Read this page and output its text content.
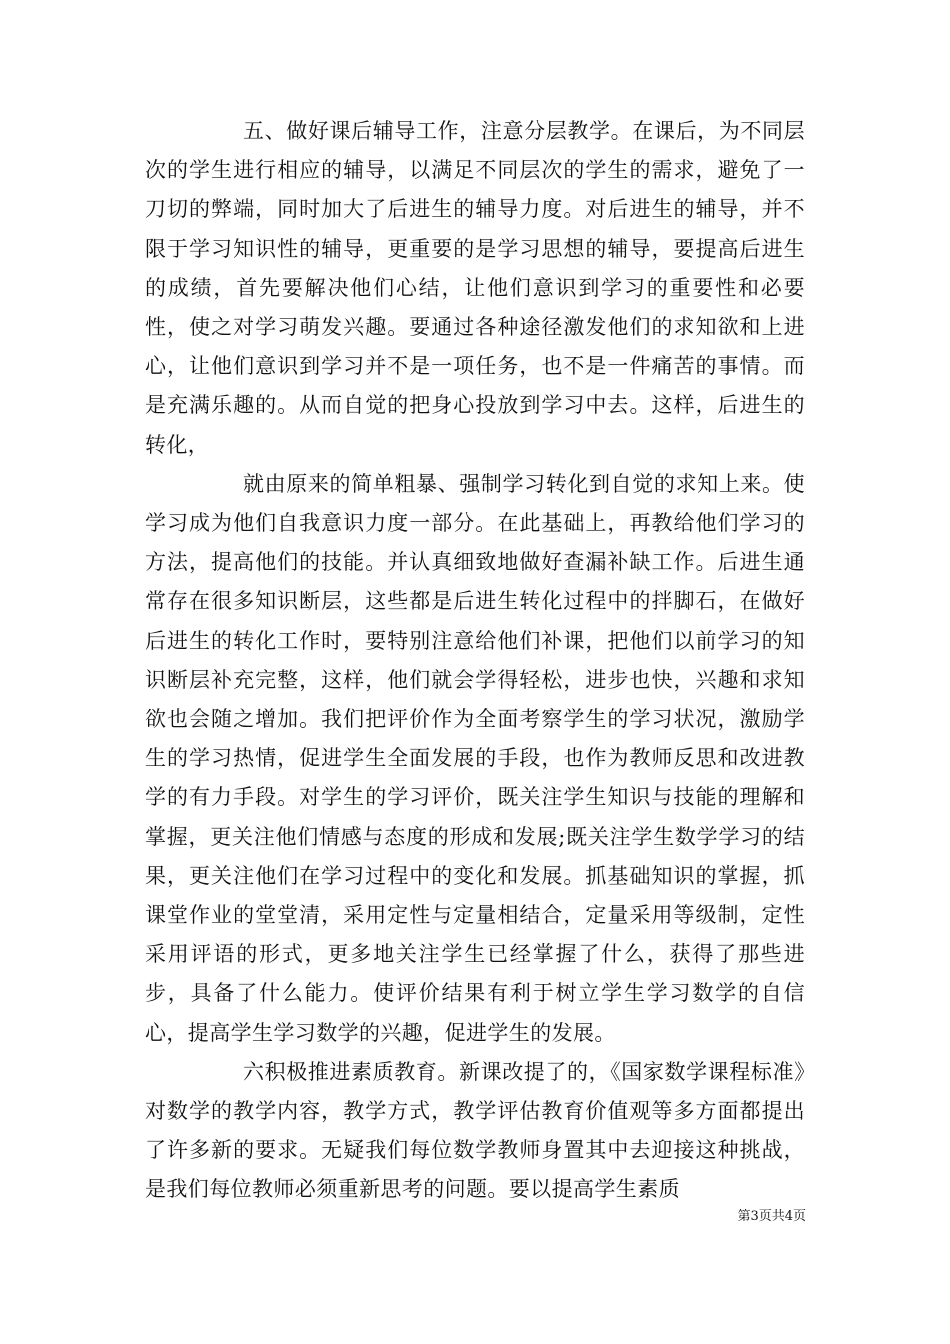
五、做好课后辅导工作，注意分层教学。在课后，为不同层次的学生进行相应的辅导，以满足不同层次的学生的需求，避免了一刀切的弊端，同时加大了后进生的辅导力度。对后进生的辅导，并不限于学习知识性的辅导，更重要的是学习思想的辅导，要提高后进生的成绩，首先要解决他们心结，让他们意识到学习的重要性和必要性，使之对学习萌发兴趣。要通过各种途径激发他们的求知欲和上进心，让他们意识到学习并不是一项任务，也不是一件痛苦的事情。而是充满乐趣的。从而自觉的把身心投放到学习中去。这样，后进生的转化，

就由原来的简单粗暴、强制学习转化到自觉的求知上来。使学习成为他们自我意识力度一部分。在此基础上，再教给他们学习的方法，提高他们的技能。并认真细致地做好查漏补缺工作。后进生通常存在很多知识断层，这些都是后进生转化过程中的拌脚石，在做好后进生的转化工作时，要特别注意给他们补课，把他们以前学习的知识断层补充完整，这样，他们就会学得轻松，进步也快，兴趣和求知欲也会随之增加。我们把评价作为全面考察学生的学习状况，激励学生的学习热情，促进学生全面发展的手段，也作为教师反思和改进教学的有力手段。对学生的学习评价，既关注学生知识与技能的理解和掌握，更关注他们情感与态度的形成和发展;既关注学生数学学习的结果，更关注他们在学习过程中的变化和发展。抓基础知识的掌握，抓课堂作业的堂堂清，采用定性与定量相结合，定量采用等级制，定性采用评语的形式，更多地关注学生已经掌握了什么，获得了那些进步，具备了什么能力。使评价结果有利于树立学生学习数学的自信心，提高学生学习数学的兴趣，促进学生的发展。

六积极推进素质教育。新课改提了的，《国家数学课程标准》对数学的教学内容，教学方式，教学评估教育价值观等多方面都提出了许多新的要求。无疑我们每位数学教师身置其中去迎接这种挑战，是我们每位教师必须重新思考的问题。要以提高学生素质

第3页共4页
